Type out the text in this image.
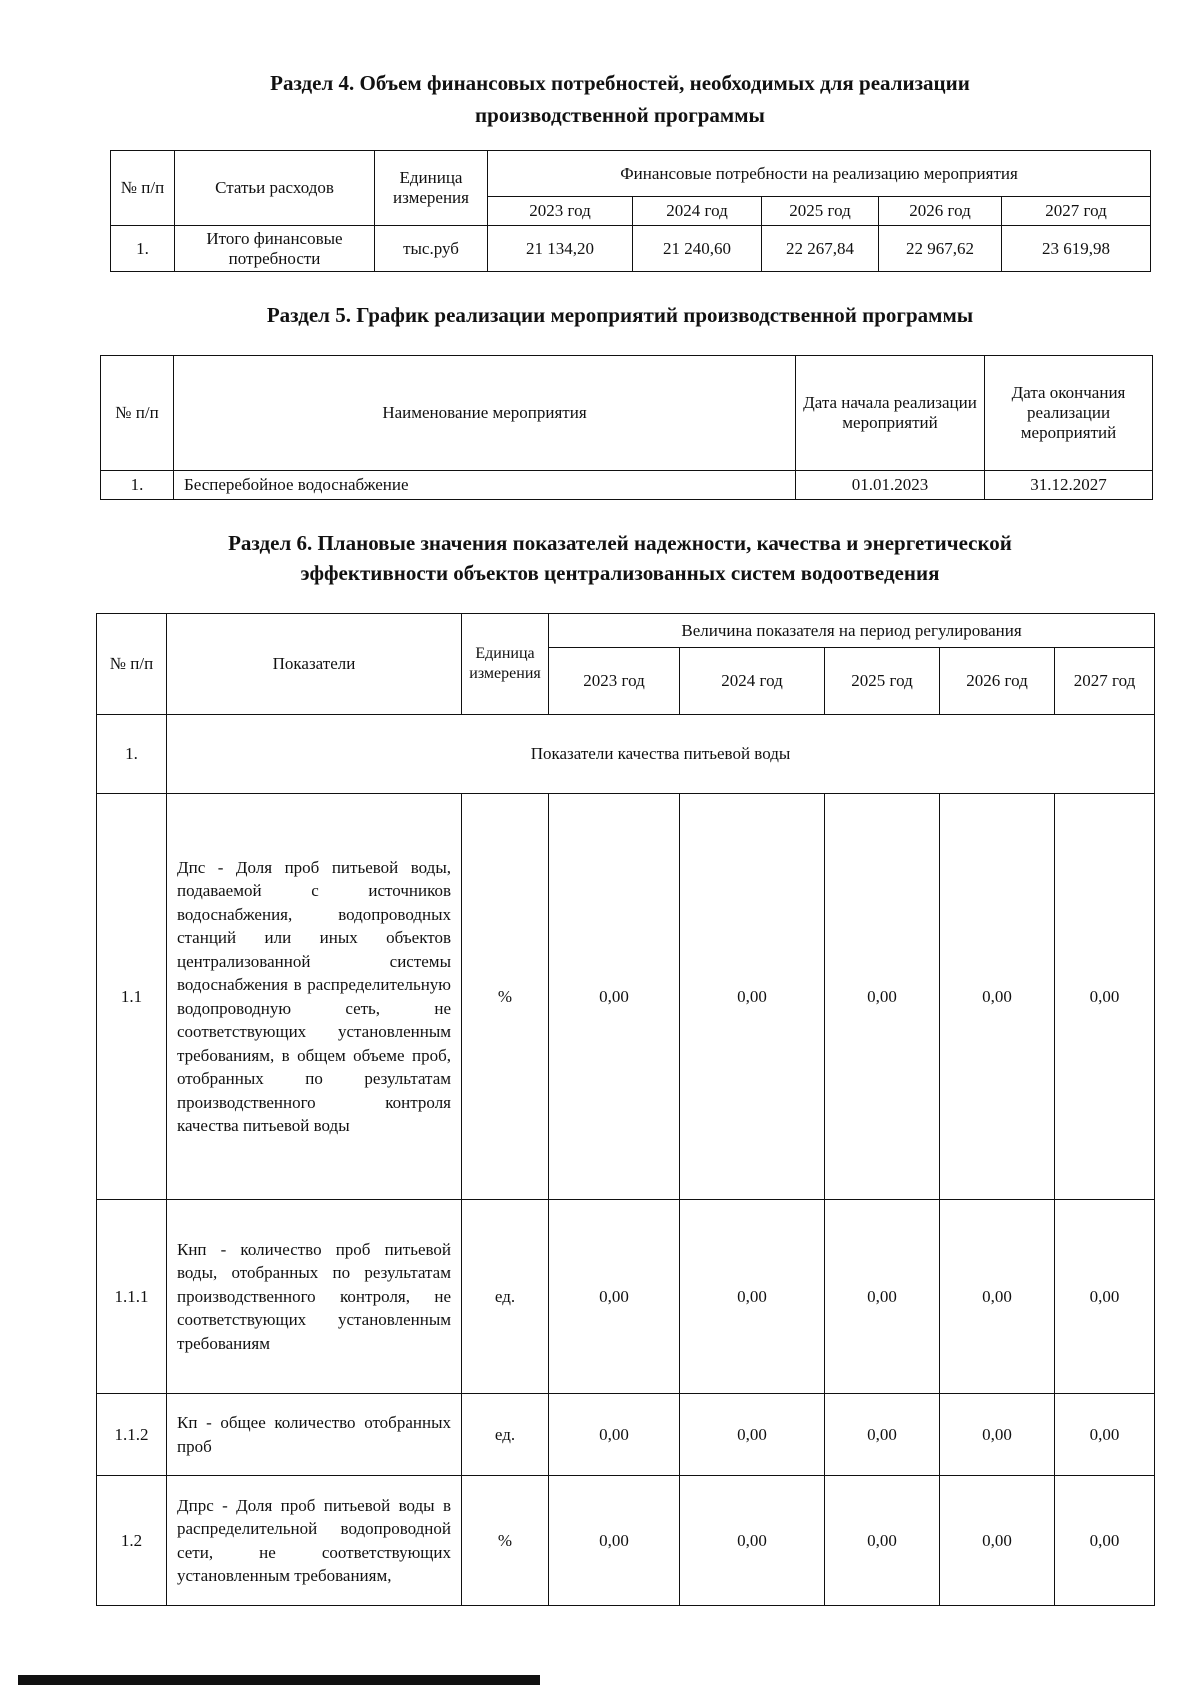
Раздел 4. Объем финансовых потребностей, необходимых для реализации
производственной программы
№ п/п	Статьи расходов	Единица измерения	Финансовые потребности на реализацию мероприятия				
			2023 год	2024 год	2025 год	2026 год	2027 год
1.	Итого финансовые потребности	тыс.руб	21 134,20	21 240,60	22 267,84	22 967,62	23 619,98
Раздел 5. График реализации мероприятий производственной программы
№ п/п	Наименование мероприятия	Дата начала реализации мероприятий	Дата окончания реализации мероприятий
1.	Бесперебойное водоснабжение	01.01.2023	31.12.2027
Раздел 6. Плановые значения показателей надежности, качества и энергетической
эффективности объектов централизованных систем водоотведения
№ п/п	Показатели	Единица измерения	Величина показателя на период регулирования				
			2023 год	2024 год	2025 год	2026 год	2027 год
1.	Показатели качества питьевой воды						
1.1	Дпс - Доля проб питьевой воды, подаваемой с источников водоснабжения, водопроводных станций или иных объектов централизованной системы водоснабжения в распределительную водопроводную сеть, не соответствующих установленным требованиям, в общем объеме проб, отобранных по результатам производственного контроля качества питьевой воды	%	0,00	0,00	0,00	0,00	0,00
1.1.1	Кнп - количество проб питьевой воды, отобранных по результатам производственного контроля, не соответствующих установленным требованиям	ед.	0,00	0,00	0,00	0,00	0,00
1.1.2	Кп - общее количество отобранных проб	ед.	0,00	0,00	0,00	0,00	0,00
1.2	Дпрс - Доля проб питьевой воды в распределительной водопроводной сети, не соответствующих установленным требованиям,	%	0,00	0,00	0,00	0,00	0,00
